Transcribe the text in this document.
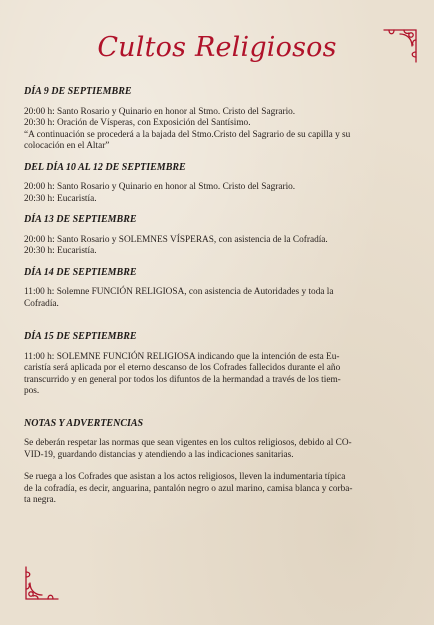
Cultos Religiosos

DÍA 9 DE SEPTIEMBRE

20:00 h: Santo Rosario y Quinario en honor al Stmo. Cristo del Sagrario.
20:30 h: Oración de Vísperas, con Exposición del Santísimo.
“A continuación se procederá a la bajada del Stmo.Cristo del Sagrario de su capilla y su
colocación en el Altar”

DEL DÍA 10 AL 12 DE SEPTIEMBRE

20:00 h: Santo Rosario y Quinario en honor al Stmo. Cristo del Sagrario.
20:30 h: Eucaristía.

DÍA 13 DE SEPTIEMBRE

20:00 h: Santo Rosario y SOLEMNES VÍSPERAS, con asistencia de la Cofradía.
20:30 h: Eucaristía.

DÍA 14 DE SEPTIEMBRE

11:00 h: Solemne FUNCIÓN RELIGIOSA, con asistencia de Autoridades y toda la
Cofradía.

DÍA 15 DE SEPTIEMBRE

11:00 h: SOLEMNE FUNCIÓN RELIGIOSA indicando que la intención de esta Eu-
caristía será aplicada por el eterno descanso de los Cofrades fallecidos durante el año
transcurrido y en general por todos los difuntos de la hermandad a través de los tiem-
pos.

NOTAS Y ADVERTENCIAS

Se deberán respetar las normas que sean vigentes en los cultos religiosos, debido al CO-
VID-19, guardando distancias y atendiendo a las indicaciones sanitarias.
Se ruega a los Cofrades que asistan a los actos religiosos, lleven la indumentaria típica
de la cofradía, es decir, anguarina, pantalón negro o azul marino, camisa blanca y corba-
ta negra.
